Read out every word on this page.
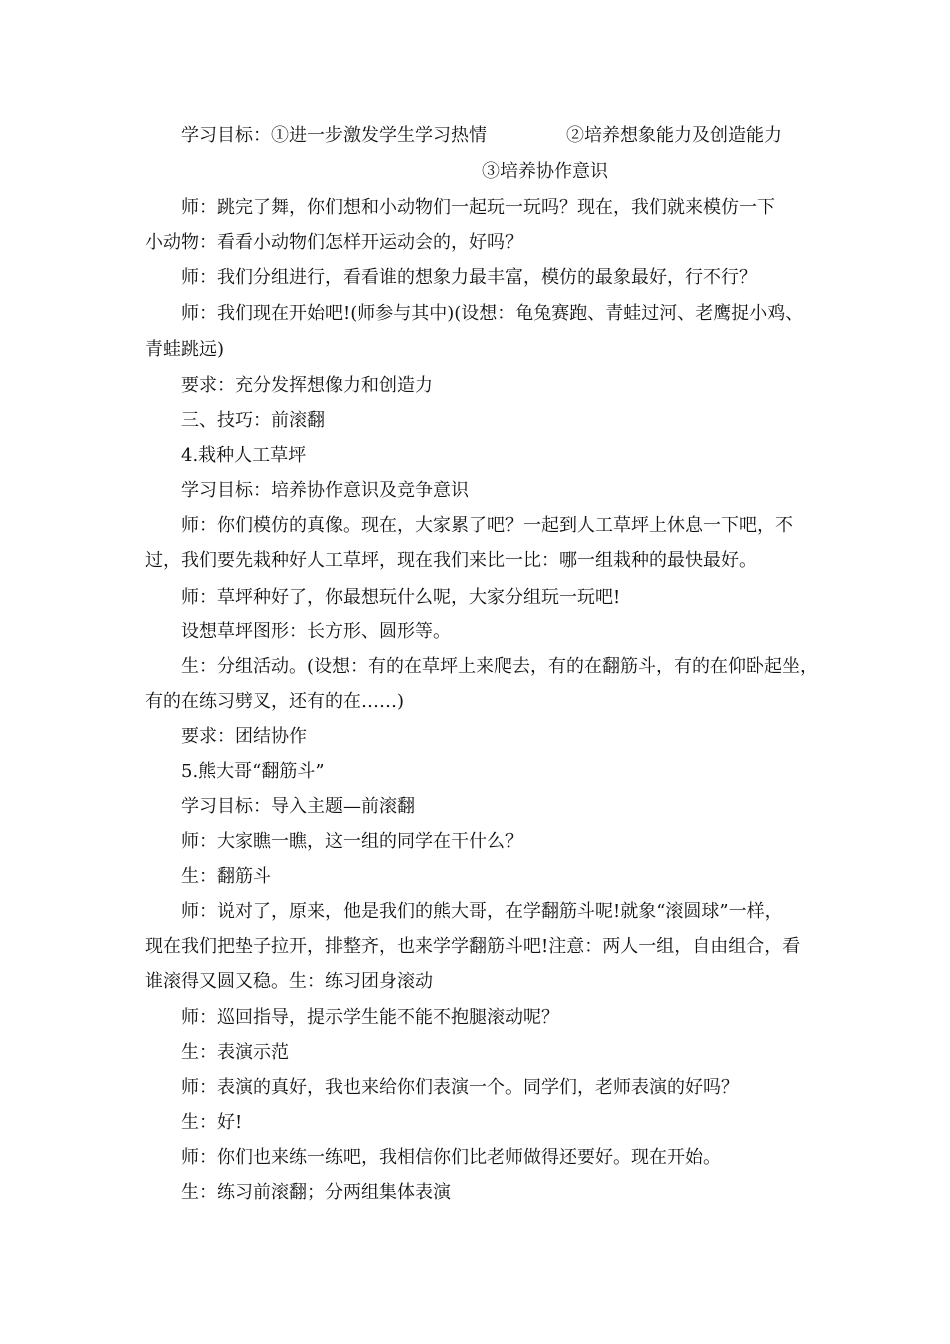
学习目标：①进一步激发学生学习热情	②培养想象能力及创造能力
③培养协作意识
师：跳完了舞，你们想和小动物们一起玩一玩吗？现在，我们就来模仿一下
小动物：看看小动物们怎样开运动会的，好吗？
师：我们分组进行，看看谁的想象力最丰富，模仿的最象最好，行不行？
师：我们现在开始吧!(师参与其中)(设想：龟兔赛跑、青蛙过河、老鹰捉小鸡、
青蛙跳远)
要求：充分发挥想像力和创造力
三、技巧：前滚翻
4.栽种人工草坪
学习目标：培养协作意识及竞争意识
师：你们模仿的真像。现在，大家累了吧？一起到人工草坪上休息一下吧，不
过，我们要先栽种好人工草坪，现在我们来比一比：哪一组栽种的最快最好。
师：草坪种好了，你最想玩什么呢，大家分组玩一玩吧!
设想草坪图形：长方形、圆形等。
生：分组活动。(设想：有的在草坪上来爬去，有的在翻筋斗，有的在仰卧起坐，
有的在练习劈叉，还有的在……)
要求：团结协作
5.熊大哥“翻筋斗”
学习目标：导入主题—前滚翻
师：大家瞧一瞧，这一组的同学在干什么？
生：翻筋斗
师：说对了，原来，他是我们的熊大哥，在学翻筋斗呢!就象“滚圆球”一样，
现在我们把垫子拉开，排整齐，也来学学翻筋斗吧!注意：两人一组，自由组合，看
谁滚得又圆又稳。生：练习团身滚动
师：巡回指导，提示学生能不能不抱腿滚动呢？
生：表演示范
师：表演的真好，我也来给你们表演一个。同学们，老师表演的好吗？
生：好!
师：你们也来练一练吧，我相信你们比老师做得还要好。现在开始。
生：练习前滚翻；分两组集体表演
